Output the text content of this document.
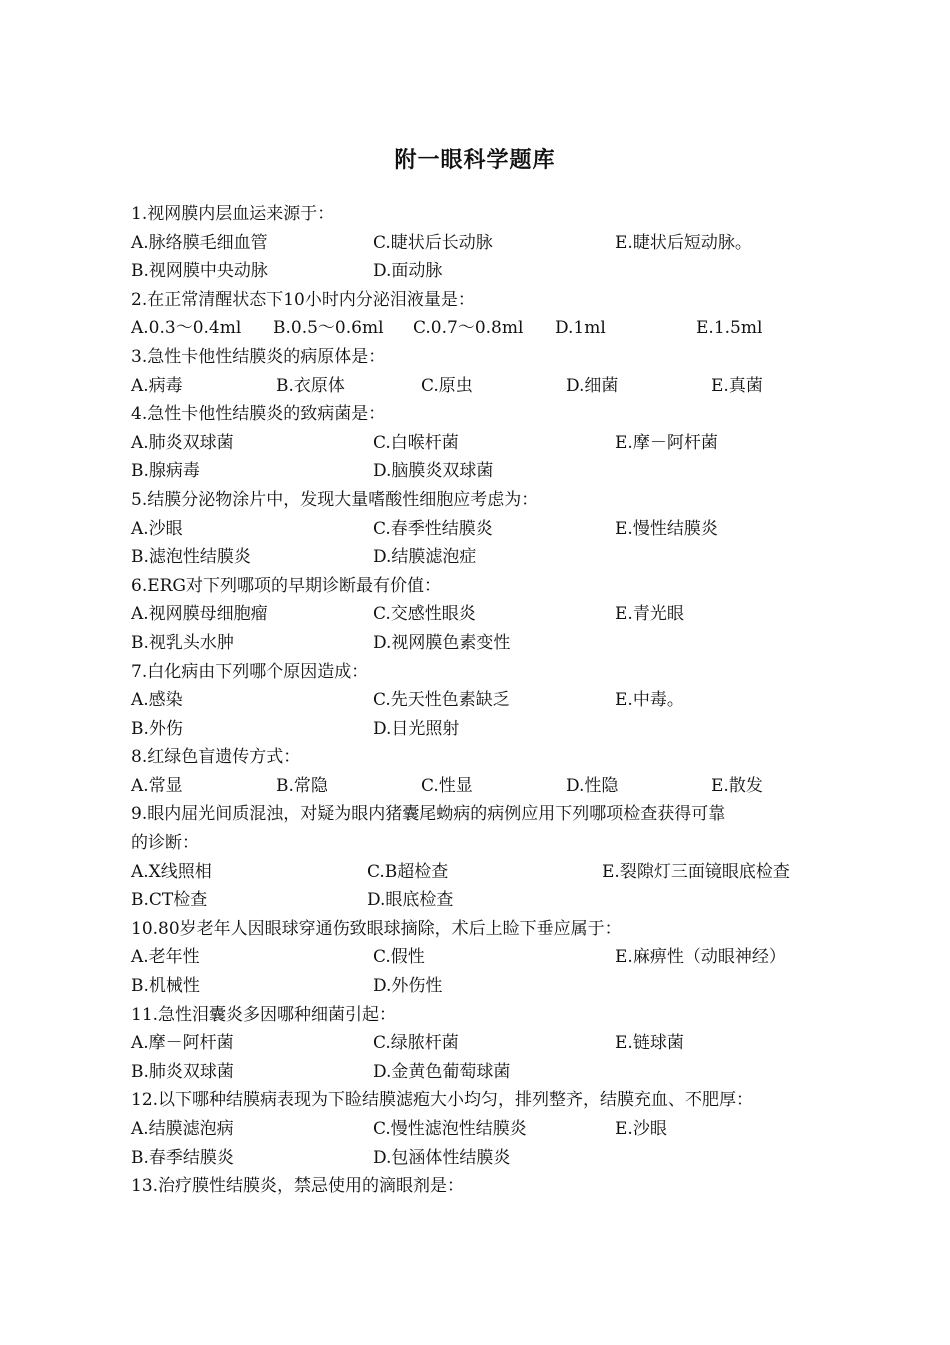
附一眼科学题库
1.视网膜内层血运来源于：
A.脉络膜毛细血管	C.睫状后长动脉	E.睫状后短动脉。
B.视网膜中央动脉	D.面动脉
2.在正常清醒状态下10小时内分泌泪液量是：
A.0.3～0.4ml B.0.5～0.6ml C.0.7～0.8ml D.1ml	E.1.5ml
3.急性卡他性结膜炎的病原体是：
A.病毒	B.衣原体	C.原虫	D.细菌	E.真菌
4.急性卡他性结膜炎的致病菌是：
A.肺炎双球菌	C.白喉杆菌	E.摩－阿杆菌
B.腺病毒	D.脑膜炎双球菌
5.结膜分泌物涂片中，发现大量嗜酸性细胞应考虑为：
A.沙眼	C.春季性结膜炎	E.慢性结膜炎
B.滤泡性结膜炎	D.结膜滤泡症
6.ERG对下列哪项的早期诊断最有价值：
A.视网膜母细胞瘤	C.交感性眼炎	E.青光眼
B.视乳头水肿	D.视网膜色素变性
7.白化病由下列哪个原因造成：
A.感染	C.先天性色素缺乏	E.中毒。
B.外伤	D.日光照射
8.红绿色盲遗传方式：
A.常显	B.常隐	C.性显	D.性隐	E.散发
9.眼内屈光间质混浊，对疑为眼内猪囊尾蚴病的病例应用下列哪项检查获得可靠
的诊断：
A.X线照相	C.B超检查	E.裂隙灯三面镜眼底检查
B.CT检查	D.眼底检查
10.80岁老年人因眼球穿通伤致眼球摘除，术后上睑下垂应属于：
A.老年性	C.假性	E.麻痹性（动眼神经）
B.机械性	D.外伤性
11.急性泪囊炎多因哪种细菌引起：
A.摩－阿杆菌	C.绿脓杆菌	E.链球菌
B.肺炎双球菌	D.金黄色葡萄球菌
12.以下哪种结膜病表现为下睑结膜滤疱大小均匀，排列整齐，结膜充血、不肥厚：
A.结膜滤泡病	C.慢性滤泡性结膜炎	E.沙眼
B.春季结膜炎	D.包涵体性结膜炎
13.治疗膜性结膜炎，禁忌使用的滴眼剂是：
